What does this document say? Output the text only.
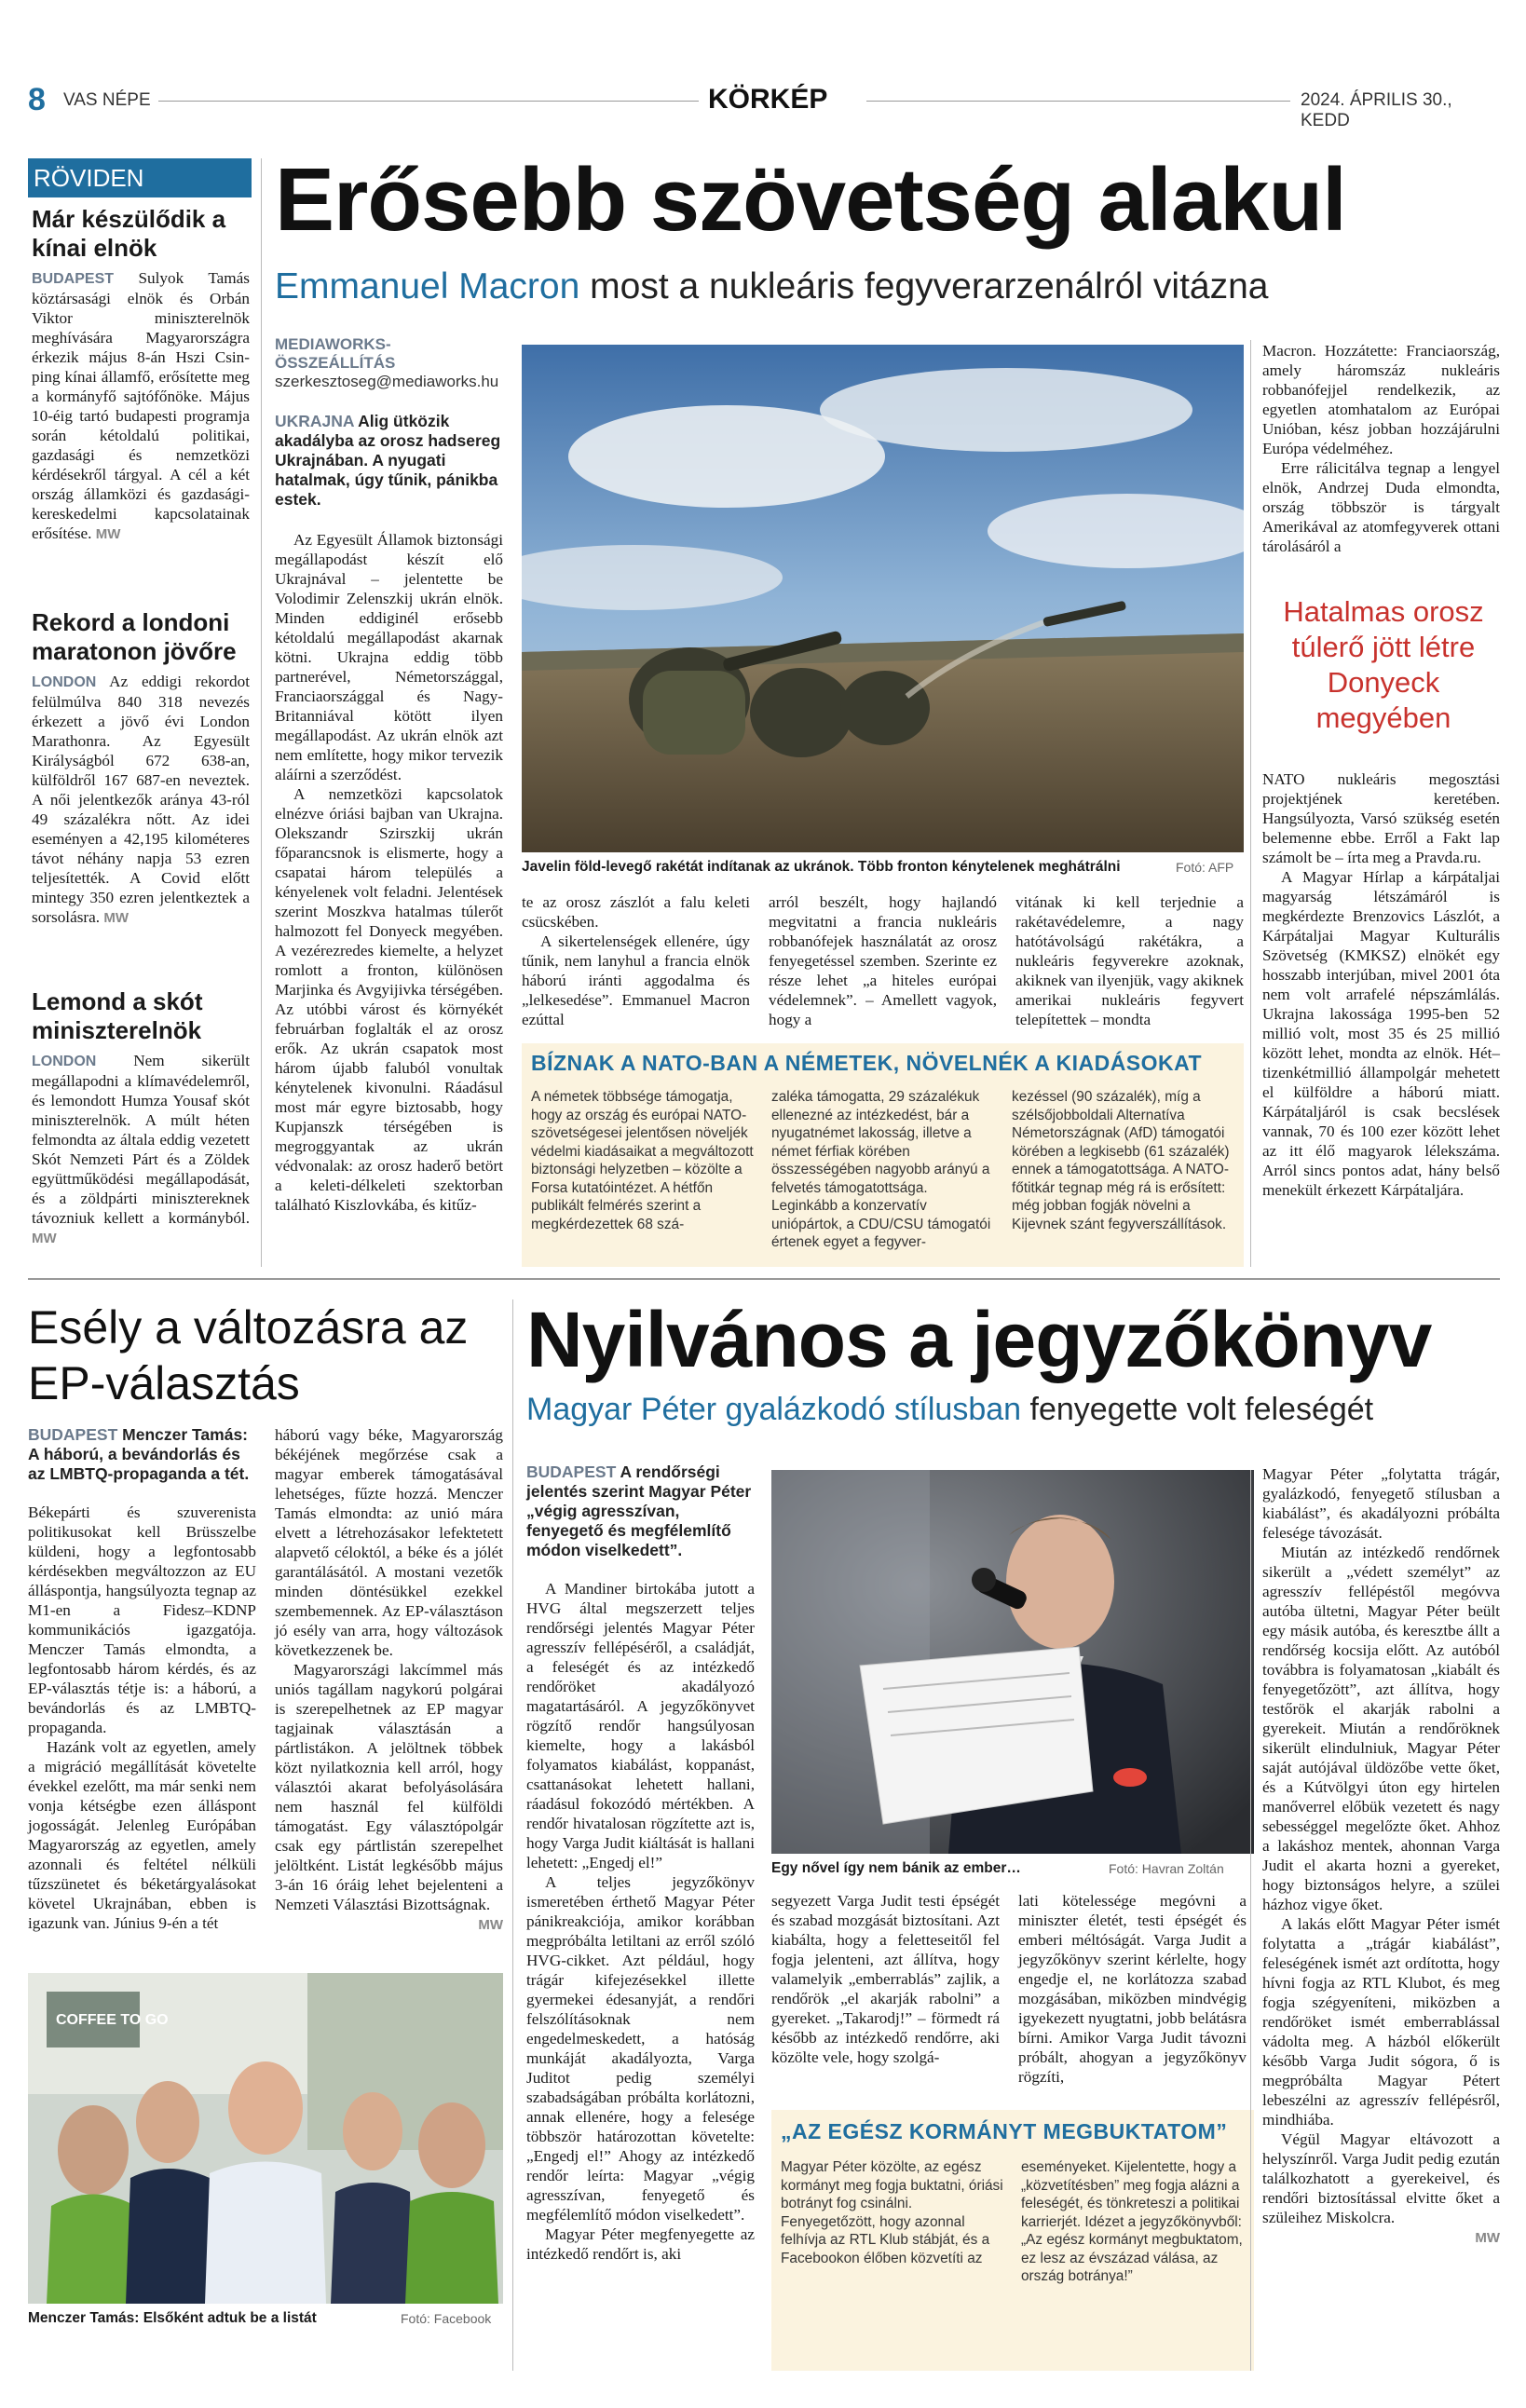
8 VAS NÉPE	KÖRKÉP	2024. ÁPRILIS 30., KEDD
RÖVIDEN
Már készülődik a kínai elnök
BUDAPEST Sulyok Tamás köztársasági elnök és Orbán Viktor miniszterelnök meghívására Magyarországra érkezik május 8-án Hszi Csin-ping kínai államfő, erősítette meg a kormányfő sajtófőnöke. Május 10-éig tartó budapesti programja során kétoldalú politikai, gazdasági és nemzetközi kérdésekről tárgyal. A cél a két ország államközi és gazdasági-kereskedelmi kapcsolatainak erősítése. MW
Rekord a londoni maratonon jövőre
LONDON Az eddigi rekordot felülmúlva 840 318 nevezés érkezett a jövő évi London Marathonra. Az Egyesült Királyságból 672 638-an, külföldről 167 687-en neveztek. A női jelentkezők aránya 43-ról 49 százalékra nőtt. Az idei eseményen a 42,195 kilométeres távot néhány napja 53 ezren teljesítették. A Covid előtt mintegy 350 ezren jelentkeztek a sorsolásra. MW
Lemond a skót miniszterelnök
LONDON Nem sikerült megállapodni a klímavédelemről, és lemondott Humza Yousaf skót miniszterelnök. A múlt héten felmondta az általa eddig vezetett Skót Nemzeti Párt és a Zöldek együttműködési megállapodását, és a zöldpárti minisztereknek távozniuk kellett a kormányból. MW
Erősebb szövetség alakul
Emmanuel Macron most a nukleáris fegyverarzenálról vitázna
MEDIAWORKS-ÖSSZEÁLLÍTÁS
szerkesztoseg@mediaworks.hu
UKRAJNA Alig ütközik akadályba az orosz hadsereg Ukrajnában. A nyugati hatalmak, úgy tűnik, pánikba estek.

Az Egyesült Államok biztonsági megállapodást készít elő Ukrajnával – jelentette be Volodimir Zelenszkij ukrán elnök. Minden eddiginél erősebb kétoldalú megállapodást akarnak kötni. Ukrajna eddig több partnerével, Németországgal, Franciaországgal és Nagy-Britanniával kötött ilyen megállapodást. Az ukrán elnök azt nem említette, hogy mikor tervezik aláírni a szerződést.

A nemzetközi kapcsolatok elnézve óriási bajban van Ukrajna. Olekszandr Szirszkij ukrán főparancsnok is elismerte, hogy a csapatai három település a kényelenek volt feladni. Jelentések szerint Moszkva hatalmas túlerőt halmozott fel Donyeck megyében. A vezérezredes kiemelte, a helyzet romlott a fronton, különösen Marjinka és Avgyijivka térségében. Az utóbbi várost és környékét februárban foglalták el az orosz erők. Az ukrán csapatok most három újabb faluból vonultak kénytelenek kivonulni. Ráadásul most már egyre biztosabb, hogy Kupjanszk térségében is megroggyantak az ukrán védvonalak: az orosz haderő betört a keleti-délkeleti szektorban található Kiszlovkába, és kitűz-

Javelin föld-levegő rakétát indítanak az ukránok. Több fronton kénytelenek meghátrálni	Fotó: AFP

te az orosz zászlót a falu keleti csücskében.

A sikertelenségek ellenére, úgy tűnik, nem lanyhul a francia elnök háború iránti aggodalma és „lelkesedése”. Emmanuel Macron ezúttal

arról beszélt, hogy hajlandó megvitatni a francia nukleáris robbanófejek használatát az orosz fenyegetéssel szemben. Szerinte ez része lehet „a hiteles európai védelemnek”. – Amellett vagyok, hogy a

vitának ki kell terjednie a rakétavédelemre, a nagy hatótávolságú rakétákra, a nukleáris fegyverekre azoknak, akiknek van ilyenjük, vagy akiknek amerikai nukleáris fegyvert telepítettek – mondta

BÍZNAK A NATO-BAN A NÉMETEK, NÖVELNÉK A KIADÁSOKAT
A németek többsége támogatja, hogy az ország és európai NATO-szövetségesei jelentősen növeljék védelmi kiadásaikat a megváltozott biztonsági helyzetben – közölte a Forsa kutatóintézet. A hétfőn publikált felmérés szerint a megkérdezettek 68 szá-
zaléka támogatta, 29 százalékuk ellenezné az intézkedést, bár a nyugatnémet lakosság, illetve a német férfiak körében összességében nagyobb arányú a felvetés támogatottsága. Leginkább a konzervatív uniópártok, a CDU/CSU támogatói értenek egyet a fegyver-
kezéssel (90 százalék), míg a szélsőjobboldali Alternatíva Németországnak (AfD) támogatói körében a legkisebb (61 százalék) ennek a támogatottsága. A NATO-főtitkár tegnap még rá is erősített: még jobban fogják növelni a Kijevnek szánt fegyverszállítások.

Macron. Hozzátette: Franciaország, amely háromszáz nukleáris robbanófejjel rendelkezik, az egyetlen atomhatalom az Európai Unióban, kész jobban hozzájárulni Európa védelméhez.

Erre rálicitálva tegnap a lengyel elnök, Andrzej Duda elmondta, ország többször is tárgyalt Amerikával az atomfegyverek ottani tárolásáról a

Hatalmas orosz túlerő jött létre Donyeck megyében

NATO nukleáris megosztási projektjének keretében. Hangsúlyozta, Varsó szükség esetén belemenne ebbe. Erről a Fakt lap számolt be – írta meg a Pravda.ru.

A Magyar Hírlap a kárpátaljai magyarság létszámáról is megkérdezte Brenzovics Lászlót, a Kárpátaljai Magyar Kulturális Szövetség (KMKSZ) elnökét egy hosszabb interjúban, mivel 2001 óta nem volt arrafelé népszámlálás. Ukrajna lakossága 1995-ben 52 millió volt, most 35 és 25 millió között lehet, mondta az elnök. Hét–tizenkétmillió állampolgár mehetett el külföldre a háború miatt. Kárpátaljáról is csak becslések vannak, 70 és 100 ezer között lehet az itt élő magyarok lélekszáma. Arról sincs pontos adat, hány belső menekült érkezett Kárpátaljára.

Esély a változásra az EP-választás
BUDAPEST Menczer Tamás: A háború, a bevándorlás és az LMBTQ-propaganda a tét.

Békepárti és szuverenista politikusokat kell Brüsszelbe küldeni, hogy a legfontosabb kérdésekben megváltozzon az EU álláspontja, hangsúlyozta tegnap az M1-en a Fidesz–KDNP kommunikációs igazgatója. Menczer Tamás elmondta, a legfontosabb három kérdés, és az EP-választás tétje is: a háború, a bevándorlás és az LMBTQ-propaganda.

Hazánk volt az egyetlen, amely a migráció megállítását követelte évekkel ezelőtt, ma már senki nem vonja kétségbe ezen álláspont jogosságát. Jelenleg Európában Magyarország az egyetlen, amely azonnali és feltétel nélküli tűzszünetet és béketárgyalásokat követel Ukrajnában, ebben is igazunk van. Június 9-én a tét

háború vagy béke, Magyarország békéjének megőrzése csak a magyar emberek támogatásával lehetséges, fűzte hozzá. Menczer Tamás elmondta: az unió mára elvett a létrehozásakor lefektetett alapvető céloktól, a béke és a jólét garantálásától. A mostani vezetők minden döntésükkel ezekkel szembemennek. Az EP-választáson jó esély van arra, hogy változások következzenek be.

Magyarországi lakcímmel más uniós tagállam nagykorú polgárai is szerepelhetnek az EP magyar tagjainak választásán a pártlistákon. A jelöltnek többek közt nyilatkoznia kell arról, hogy választói akarat befolyásolására nem használ fel külföldi támogatást. Egy választópolgár csak egy pártlistán szerepelhet jelöltként. Listát legkésőbb május 3-án 16 óráig lehet bejelenteni a Nemzeti Választási Bizottságnak.

MW
COFFEE TO GO
Menczer Tamás: Elsőként adtuk be a listát	Fotó: Facebook
Nyilvános a jegyzőkönyv
Magyar Péter gyalázkodó stílusban fenyegette volt feleségét
BUDAPEST A rendőrségi jelentés szerint Magyar Péter „végig agresszívan, fenyegető és megfélemlítő módon viselkedett”.

A Mandiner birtokába jutott a HVG által megszerzett teljes rendőrségi jelentés Magyar Péter agresszív fellépéséről, a családját, a feleségét és az intézkedő rendőröket akadályozó magatartásáról. A jegyzőkönyvet rögzítő rendőr hangsúlyosan kiemelte, hogy a lakásból folyamatos kiabálást, koppanást, csattanásokat lehetett hallani, ráadásul fokozódó mértékben. A rendőr hivatalosan rögzítette azt is, hogy Varga Judit kiáltását is hallani lehetett: „Engedj el!”

A teljes jegyzőkönyv ismeretében érthető Magyar Péter pánikreakciója, amikor korábban megpróbálta letiltani az erről szóló HVG-cikket. Azt például, hogy trágár kifejezésekkel illette gyermekei édesanyját, a rendőri felszólításoknak nem engedelmeskedett, a hatóság munkáját akadályozta, Varga Juditot pedig személyi szabadságában próbálta korlátozni, annak ellenére, hogy a felesége többször határozottan követelte: „Engedj el!” Ahogy az intézkedő rendőr leírta: Magyar „végig agresszívan, fenyegető és megfélemlítő módon viselkedett”.

Magyar Péter megfenyegette az intézkedő rendőrt is, aki

Egy nővel így nem bánik az ember…	Fotó: Havran Zoltán

segyezett Varga Judit testi épségét és szabad mozgását biztosítani. Azt kiabálta, hogy a feletteseitől fel fogja jelenteni, azt állítva, hogy valamelyik „emberrablás” zajlik, a rendőrök „el akarják rabolni” a gyereket. „Takarodj!” – förmedt rá később az intézkedő rendőrre, aki közölte vele, hogy szolgá-

lati kötelessége megóvni a miniszter életét, testi épségét és emberi méltóságát. Varga Judit a jegyzőkönyv szerint kérlelte, hogy engedje el, ne korlátozza szabad mozgásában, miközben mindvégig igyekezett nyugtatni, jobb belátásra bírni. Amikor Varga Judit távozni próbált, ahogyan a jegyzőkönyv rögzíti,

„AZ EGÉSZ KORMÁNYT MEGBUKTATOM”
Magyar Péter közölte, az egész kormányt meg fogja buktatni, óriási botrányt fog csinálni. Fenyegetőzött, hogy azonnal felhívja az RTL Klub stábját, és a Facebookon élőben közvetíti az
eseményeket. Kijelentette, hogy a „közvetítésben” meg fogja alázni a feleségét, és tönkreteszi a politikai karrierjét. Idézet a jegyzőkönyvből: „Az egész kormányt megbuktatom, ez lesz az évszázad válása, az ország botránya!”

Magyar Péter „folytatta trágár, gyalázkodó, fenyegető stílusban a kiabálást”, és akadályozni próbálta felesége távozását.

Miután az intézkedő rendőrnek sikerült a „védett személyt” az agresszív fellépéstől megóvva autóba ültetni, Magyar Péter beült egy másik autóba, és keresztbe állt a rendőrség kocsija előtt. Az autóból továbbra is folyamatosan „kiabált és fenyegetőzött”, azt állítva, hogy testőrök el akarják rabolni a gyerekeit. Miután a rendőröknek sikerült elindulniuk, Magyar Péter saját autójával üldözőbe vette őket, és a Kútvölgyi úton egy hirtelen manőverrel előbük vezetett és nagy sebességgel megelőzte őket. Ahhoz a lakáshoz mentek, ahonnan Varga Judit el akarta hozni a gyereket, hogy biztonságos helyre, a szülei házhoz vigye őket.

A lakás előtt Magyar Péter ismét folytatta a „trágár kiabálást”, feleségének ismét azt ordította, hogy hívni fogja az RTL Klubot, és meg fogja szégyeníteni, miközben a rendőröket ismét emberrablással vádolta meg. A házból előkerült később Varga Judit sógora, ő is megpróbálta Magyar Pétert lebeszélni az agresszív fellépésről, mindhiába.

Végül Magyar eltávozott a helyszínről. Varga Judit pedig ezután találkozhatott a gyerekeivel, és rendőri biztosítással elvitte őket a szüleihez Miskolcra.

MW
